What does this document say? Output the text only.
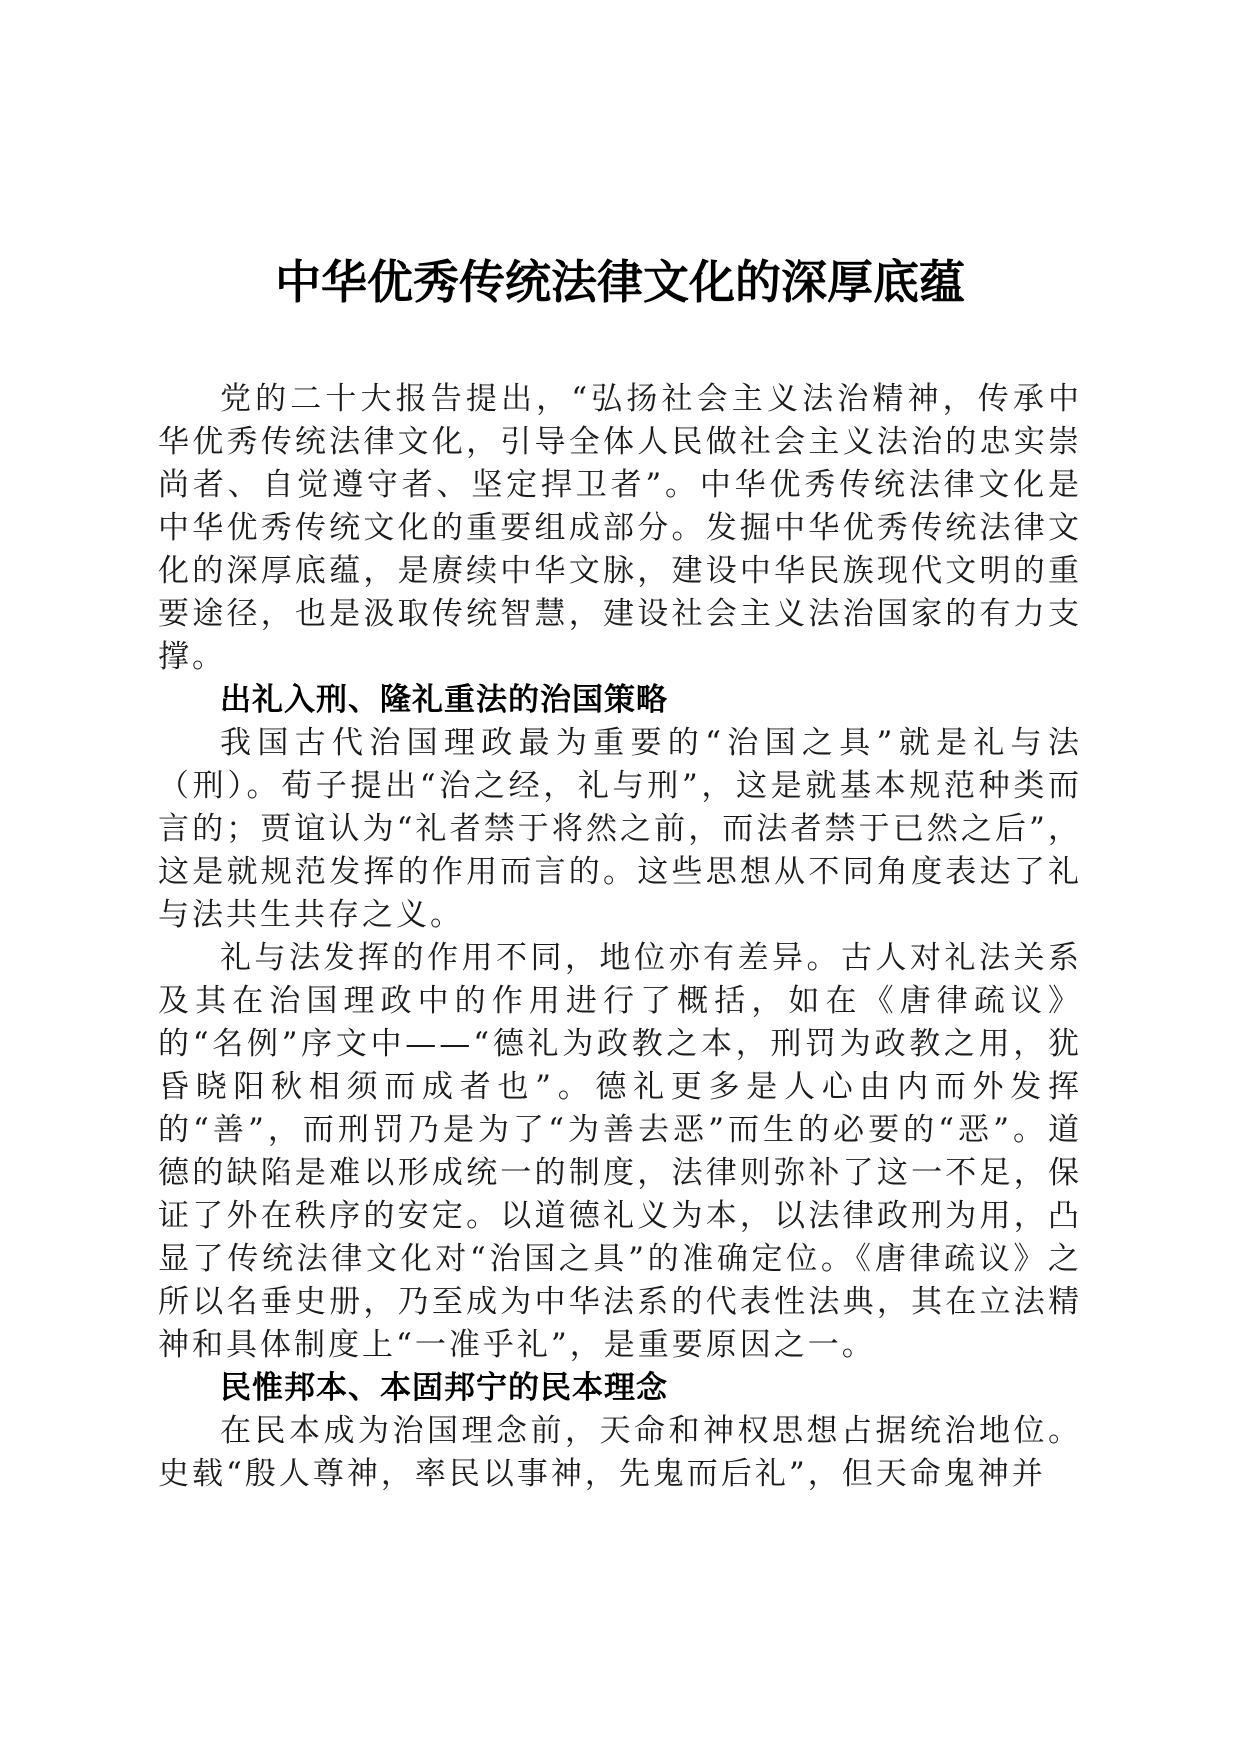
中华优秀传统法律文化的深厚底蕴

党的二十大报告提出，“弘扬社会主义法治精神，传承中华优秀传统法律文化，引导全体人民做社会主义法治的忠实崇尚者、自觉遵守者、坚定捍卫者”。中华优秀传统法律文化是中华优秀传统文化的重要组成部分。发掘中华优秀传统法律文化的深厚底蕴，是赓续中华文脉，建设中华民族现代文明的重要途径，也是汲取传统智慧，建设社会主义法治国家的有力支撑。

出礼入刑、隆礼重法的治国策略

我国古代治国理政最为重要的“治国之具”就是礼与法（刑）。荀子提出“治之经，礼与刑”，这是就基本规范种类而言的；贾谊认为“礼者禁于将然之前，而法者禁于已然之后”，这是就规范发挥的作用而言的。这些思想从不同角度表达了礼与法共生共存之义。

礼与法发挥的作用不同，地位亦有差异。古人对礼法关系及其在治国理政中的作用进行了概括，如在《唐律疏议》的“名例”序文中——“德礼为政教之本，刑罚为政教之用，犹昏晓阳秋相须而成者也”。德礼更多是人心由内而外发挥的“善”，而刑罚乃是为了“为善去恶”而生的必要的“恶”。道德的缺陷是难以形成统一的制度，法律则弥补了这一不足，保证了外在秩序的安定。以道德礼义为本，以法律政刑为用，凸显了传统法律文化对“治国之具”的准确定位。《唐律疏议》之所以名垂史册，乃至成为中华法系的代表性法典，其在立法精神和具体制度上“一准乎礼”，是重要原因之一。

民惟邦本、本固邦宁的民本理念

在民本成为治国理念前，天命和神权思想占据统治地位。史载“殷人尊神，率民以事神，先鬼而后礼”，但天命鬼神并
